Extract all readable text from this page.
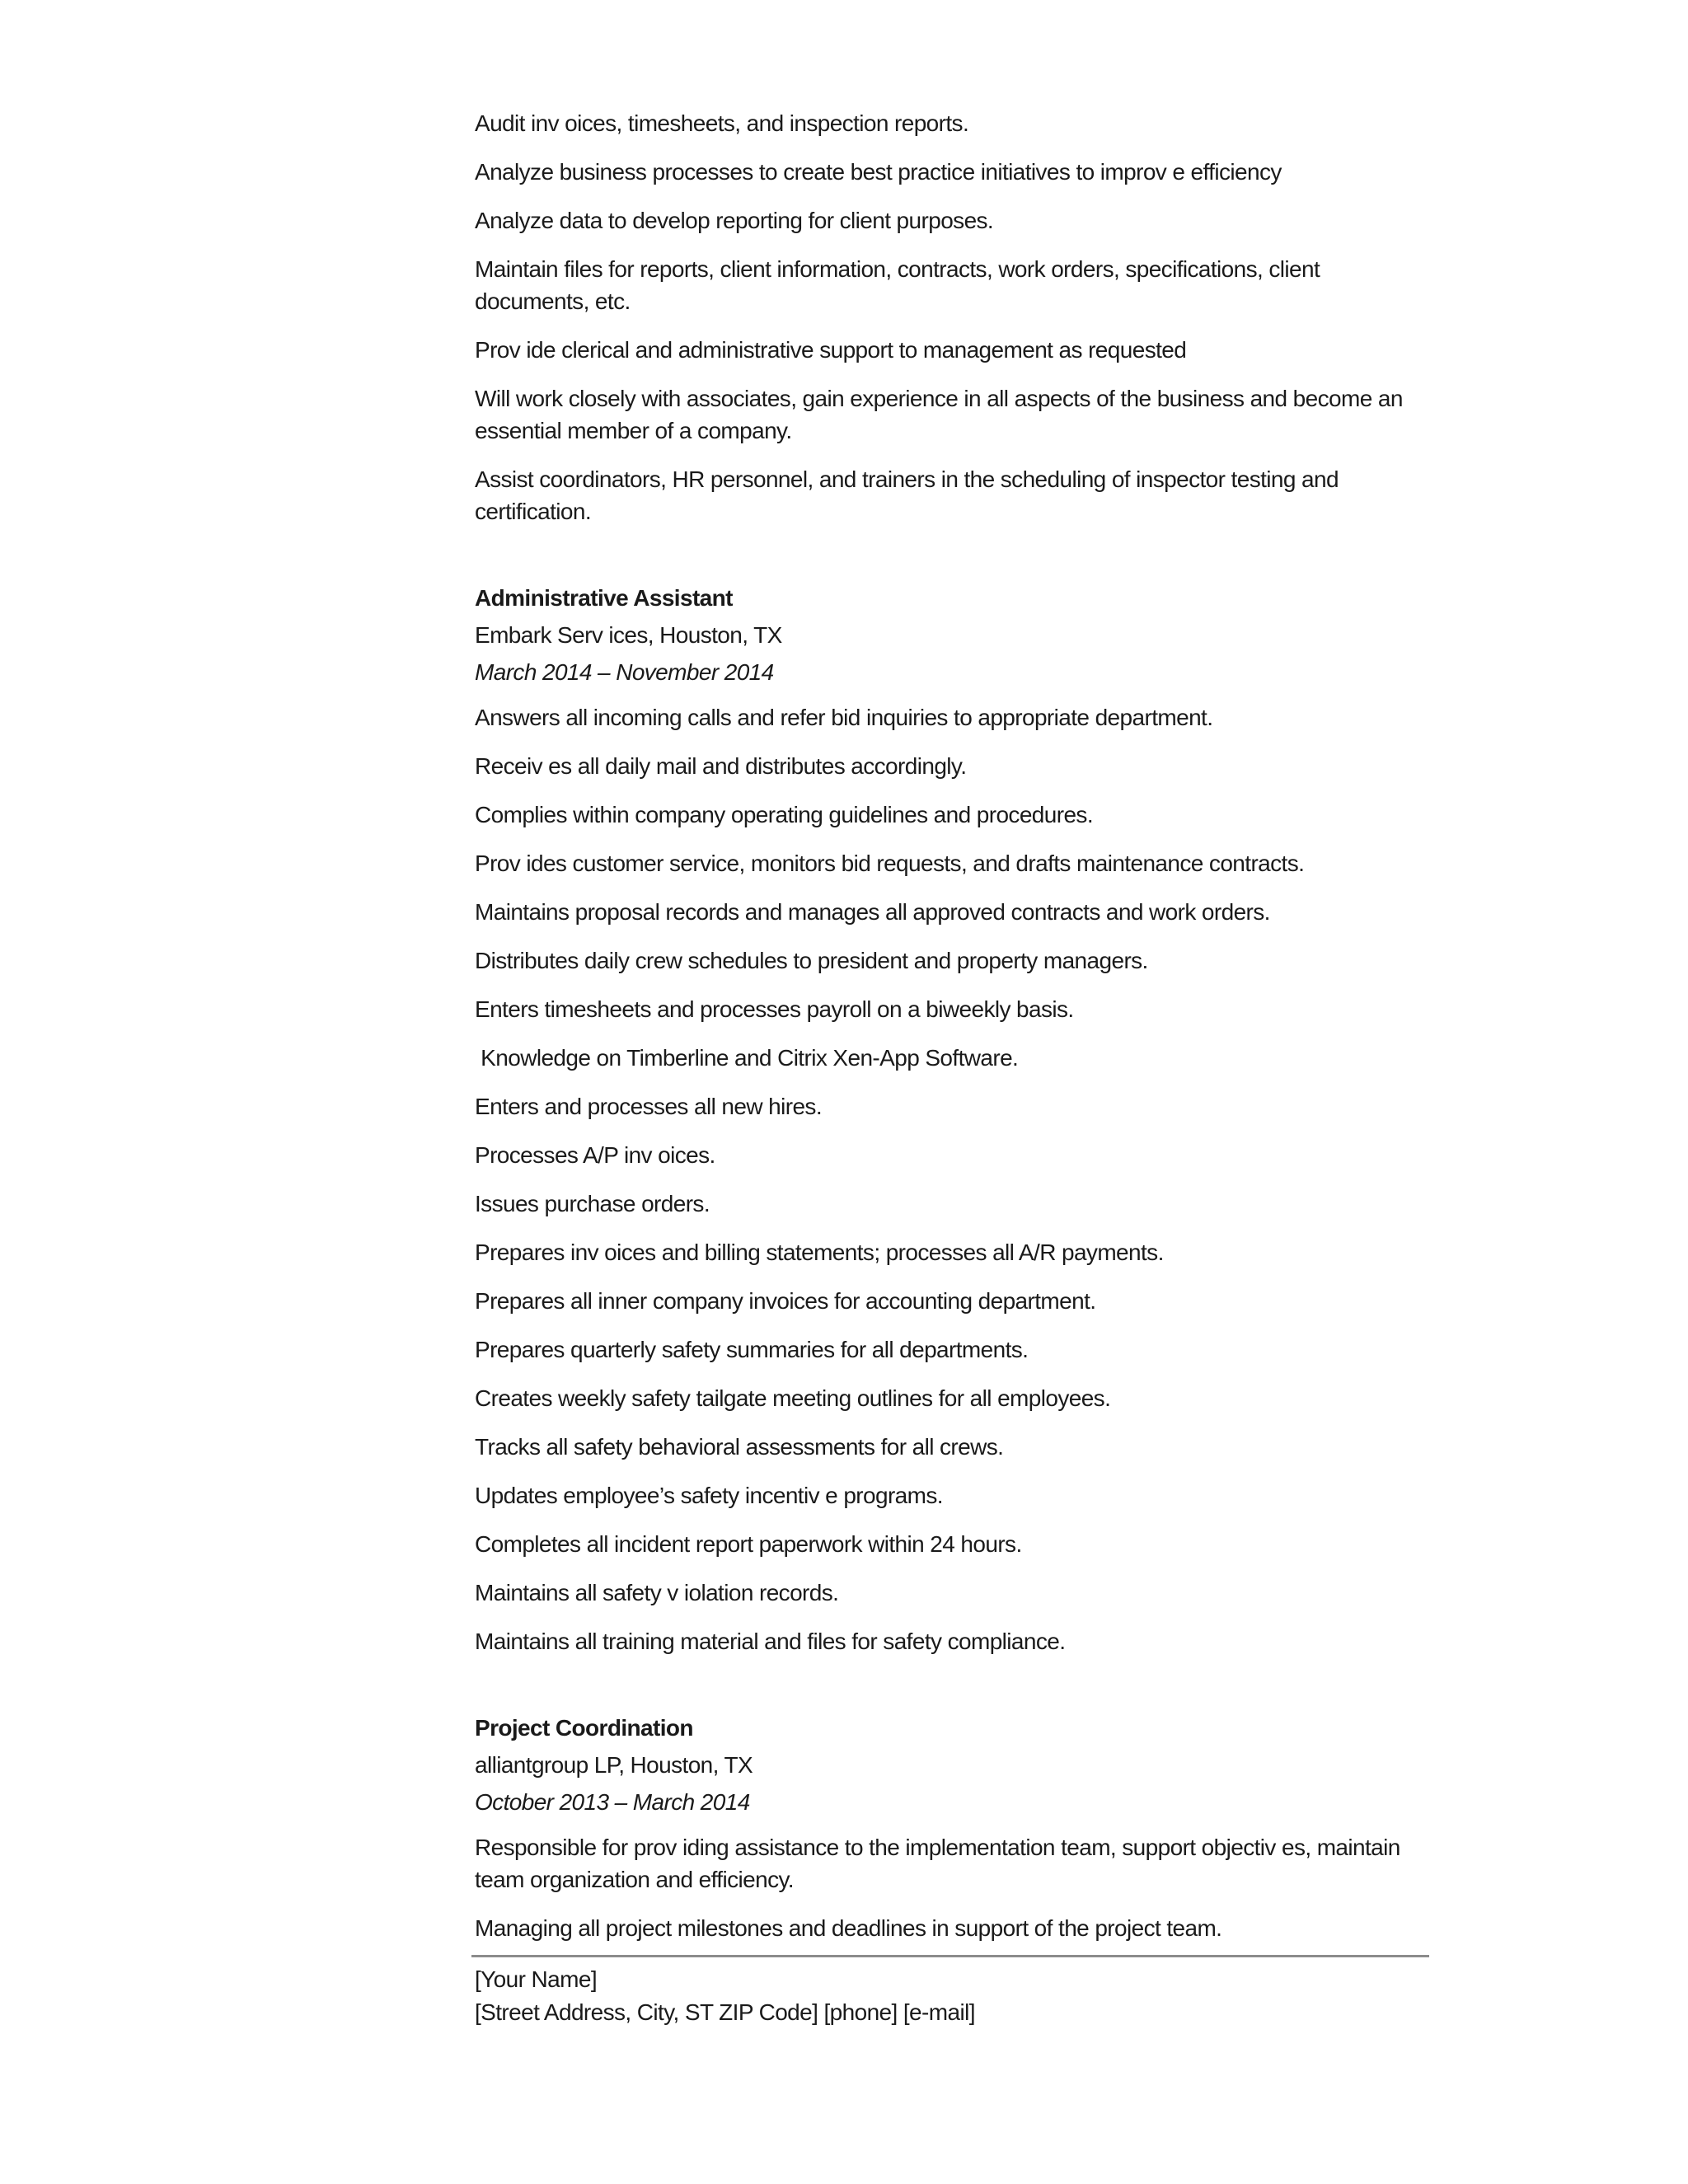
Audit inv oices, timesheets, and inspection reports.

Analyze business processes to create best practice initiatives to improv e efficiency

Analyze data to develop reporting for client purposes.

Maintain files for reports, client information, contracts, work orders, specifications, client documents, etc.

Prov ide clerical and administrative support to management as requested

Will work closely with associates, gain experience in all aspects of the business and become an essential member of a company.

Assist coordinators, HR personnel, and trainers in the scheduling of inspector testing and certification.

Administrative Assistant
Embark Serv ices, Houston, TX
March 2014 – November 2014

Answers all incoming calls and refer bid inquiries to appropriate department.

Receiv es all daily mail and distributes accordingly.

Complies within company operating guidelines and procedures.

Prov ides customer service, monitors bid requests, and drafts maintenance contracts.

Maintains proposal records and manages all approved contracts and work orders.

Distributes daily crew schedules to president and property managers.

Enters timesheets and processes payroll on a biweekly basis.

Knowledge on Timberline and Citrix Xen-App Software.

Enters and processes all new hires.

Processes A/P inv oices.

Issues purchase orders.

Prepares inv oices and billing statements; processes all A/R payments.

Prepares all inner company invoices for accounting department.

Prepares quarterly safety summaries for all departments.

Creates weekly safety tailgate meeting outlines for all employees.

Tracks all safety behavioral assessments for all crews.

Updates employee’s safety incentiv e programs.

Completes all incident report paperwork within 24 hours.

Maintains all safety v iolation records.

Maintains all training material and files for safety compliance.

Project Coordination
alliantgroup LP, Houston, TX
October 2013 – March 2014

Responsible for prov iding assistance to the implementation team, support objectiv es, maintain team organization and efficiency.

Managing all project milestones and deadlines in support of the project team.

[Your Name]
[Street Address, City, ST ZIP Code] [phone] [e-mail]
